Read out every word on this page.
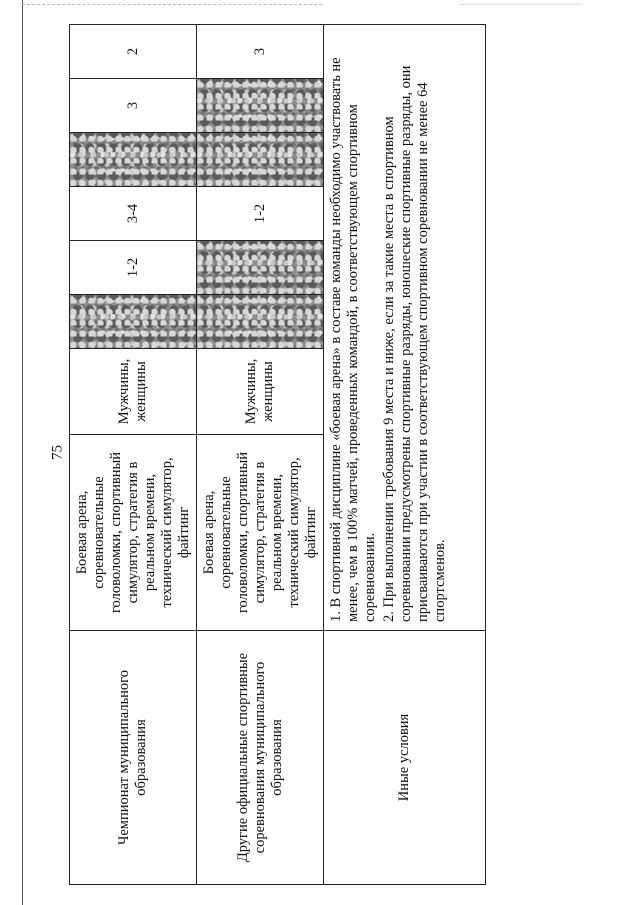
75
Чемпионат муниципального образования	Боевая арена, соревновательные головоломки, спортивный симулятор, стратегия в реальном времени, технический симулятор, файтинг	Мужчины, женщины		1-2	3-4		3	2
Другие официальные спортивные соревнования муниципального образования	Боевая арена, соревновательные головоломки, спортивный симулятор, стратегия в реальном времени, технический симулятор, файтинг	Мужчины, женщины			1-2			3
Иные условия	1. В спортивной дисциплине «боевая арена» в составе команды необходимо участвовать не менее, чем в 100% матчей, проведенных командой, в соответствующем спортивном соревновании. 2. При выполнении требования 9 места и ниже, если за такие места в спортивном соревновании предусмотрены спортивные разряды, юношеские спортивные разряды, они присваиваются при участии в соответствующем спортивном соревновании не менее 64 спортсменов.							
